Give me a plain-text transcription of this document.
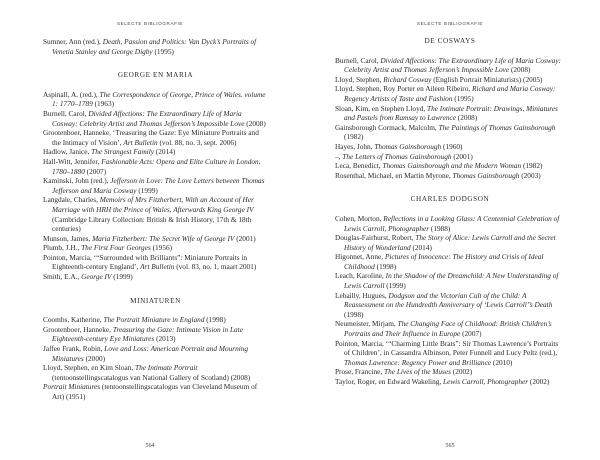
SELECTE BIBLIOGRAFIE

Sumner, Ann (red.), Death, Passion and Politics: Van Dyck’s Portraits of Venetia Stanley and George Digby (1995)

GEORGE EN MARIA

Aspinall, A. (red.), The Correspondence of George, Prince of Wales. volume 1: 1770–1789 (1963)

Burnell, Carol, Divided Affections: The Extraordinary Life of Maria Cosway: Celebrity Artist and Thomas Jefferson’s Impossible Love (2008)

Grootenboer, Hanneke, ‘Treasuring the Gaze: Eye Miniature Portraits and the Intimacy of Vision’, Art Bulletin (vol. 88, no. 3, sept. 2006)

Hadlow, Janice, The Strangest Family (2014)

Hall-Witt, Jennifer, Fashionable Acts: Opera and Elite Culture in London, 1780–1880 (2007)

Kaminski, John (red.), Jefferson in Love: The Love Letters between Thomas Jefferson and Maria Cosway (1999)

Langdale, Charles, Memoirs of Mrs Fitzherbert, With an Account of Her Marriage with HRH the Prince of Wales, Afterwards King George IV (Cambridge Library Collection: British & Irish History, 17th & 18th centuries)

Munson, James, Maria Fitzherbert: The Secret Wife of George IV (2001)

Plumb, J.H., The First Four Georges (1956)

Pointon, Marcia, ‘“Surrounded with Brilliants”: Miniature Portraits in Eighteenth-century England’, Art Bulletin (vol. 83, no. 1, maart 2001)

Smith, E.A., George IV (1999)

MINIATUREN

Coombs, Katherine, The Portrait Miniature in England (1998)

Grootenboer, Hanneke, Treasuring the Gaze: Intimate Vision in Late Eighteenth-century Eye Miniatures (2013)

Jaffee Frank, Robin, Love and Loss: American Portrait and Mourning Miniatures (2000)

Lloyd, Stephen, en Kim Sloan, The Intimate Portrait (tentoonstellingscatalogus van National Gallery of Scotland) (2008)

Portrait Miniatures (tentoonstellingscatalogus van Cleveland Museum of Art) (1951)

564
SELECTE BIBLIOGRAFIE

DE COSWAYS

Burnell, Carol, Divided Affections: The Extraordinary Life of Maria Cosway: Celebrity Artist and Thomas Jefferson’s Impossible Love (2008)

Lloyd, Stephen, Richard Cosway (English Portrait Miniaturists) (2005)

Lloyd, Stephen, Roy Porter en Aileen Ribeiro, Richard and Maria Cosway: Regency Artists of Taste and Fashion (1995)

Sloan, Kim, en Stephen Lloyd, The Intimate Portrait: Drawings, Miniatures and Pastels from Ramsay to Lawrence (2008)

Gainsborough Cormack, Malcolm, The Paintings of Thomas Gainsborough (1982)

Hayes, John, Thomas Gainsborough (1960)

–, The Letters of Thomas Gainsborough (2001)

Leca, Benedict, Thomas Gainsborough and the Modern Woman (1982)

Rosenthal, Michael, en Martin Myrone, Thomas Gainsborough (2003)

CHARLES DODGSON

Cohen, Morton, Reflections in a Looking Glass: A Centennial Celebration of Lewis Carroll, Photographer (1988)

Douglas-Fairhurst, Robert, The Story of Alice: Lewis Carroll and the Secret History of Wonderland (2014)

Higonnet, Anne, Pictures of Innocence: The History and Crisis of Ideal Childhood (1998)

Leach, Karoline, In the Shadow of the Dreamchild: A New Understanding of Lewis Carroll (1999)

Lebailly, Hugues, Dodgson and the Victorian Cult of the Child: A Reassessment on the Hundredth Anniversary of ‘Lewis Carroll’’s Death (1998)

Neumeister, Mirjam, The Changing Face of Childhood: British Children’s Portraits and Their Influence in Europe (2007)

Pointon, Marcia, ‘“Charming Little Brats”: Sir Thomas Lawrence’s Portraits of Children’, in Cassandra Albinson, Peter Funnell and Lucy Peltz (red.), Thomas Lawrence: Regency Power and Brilliance (2010)

Prose, Francine, The Lives of the Muses (2002)

Taylor, Roger, en Edward Wakeling, Lewis Carroll, Photographer (2002)

565
